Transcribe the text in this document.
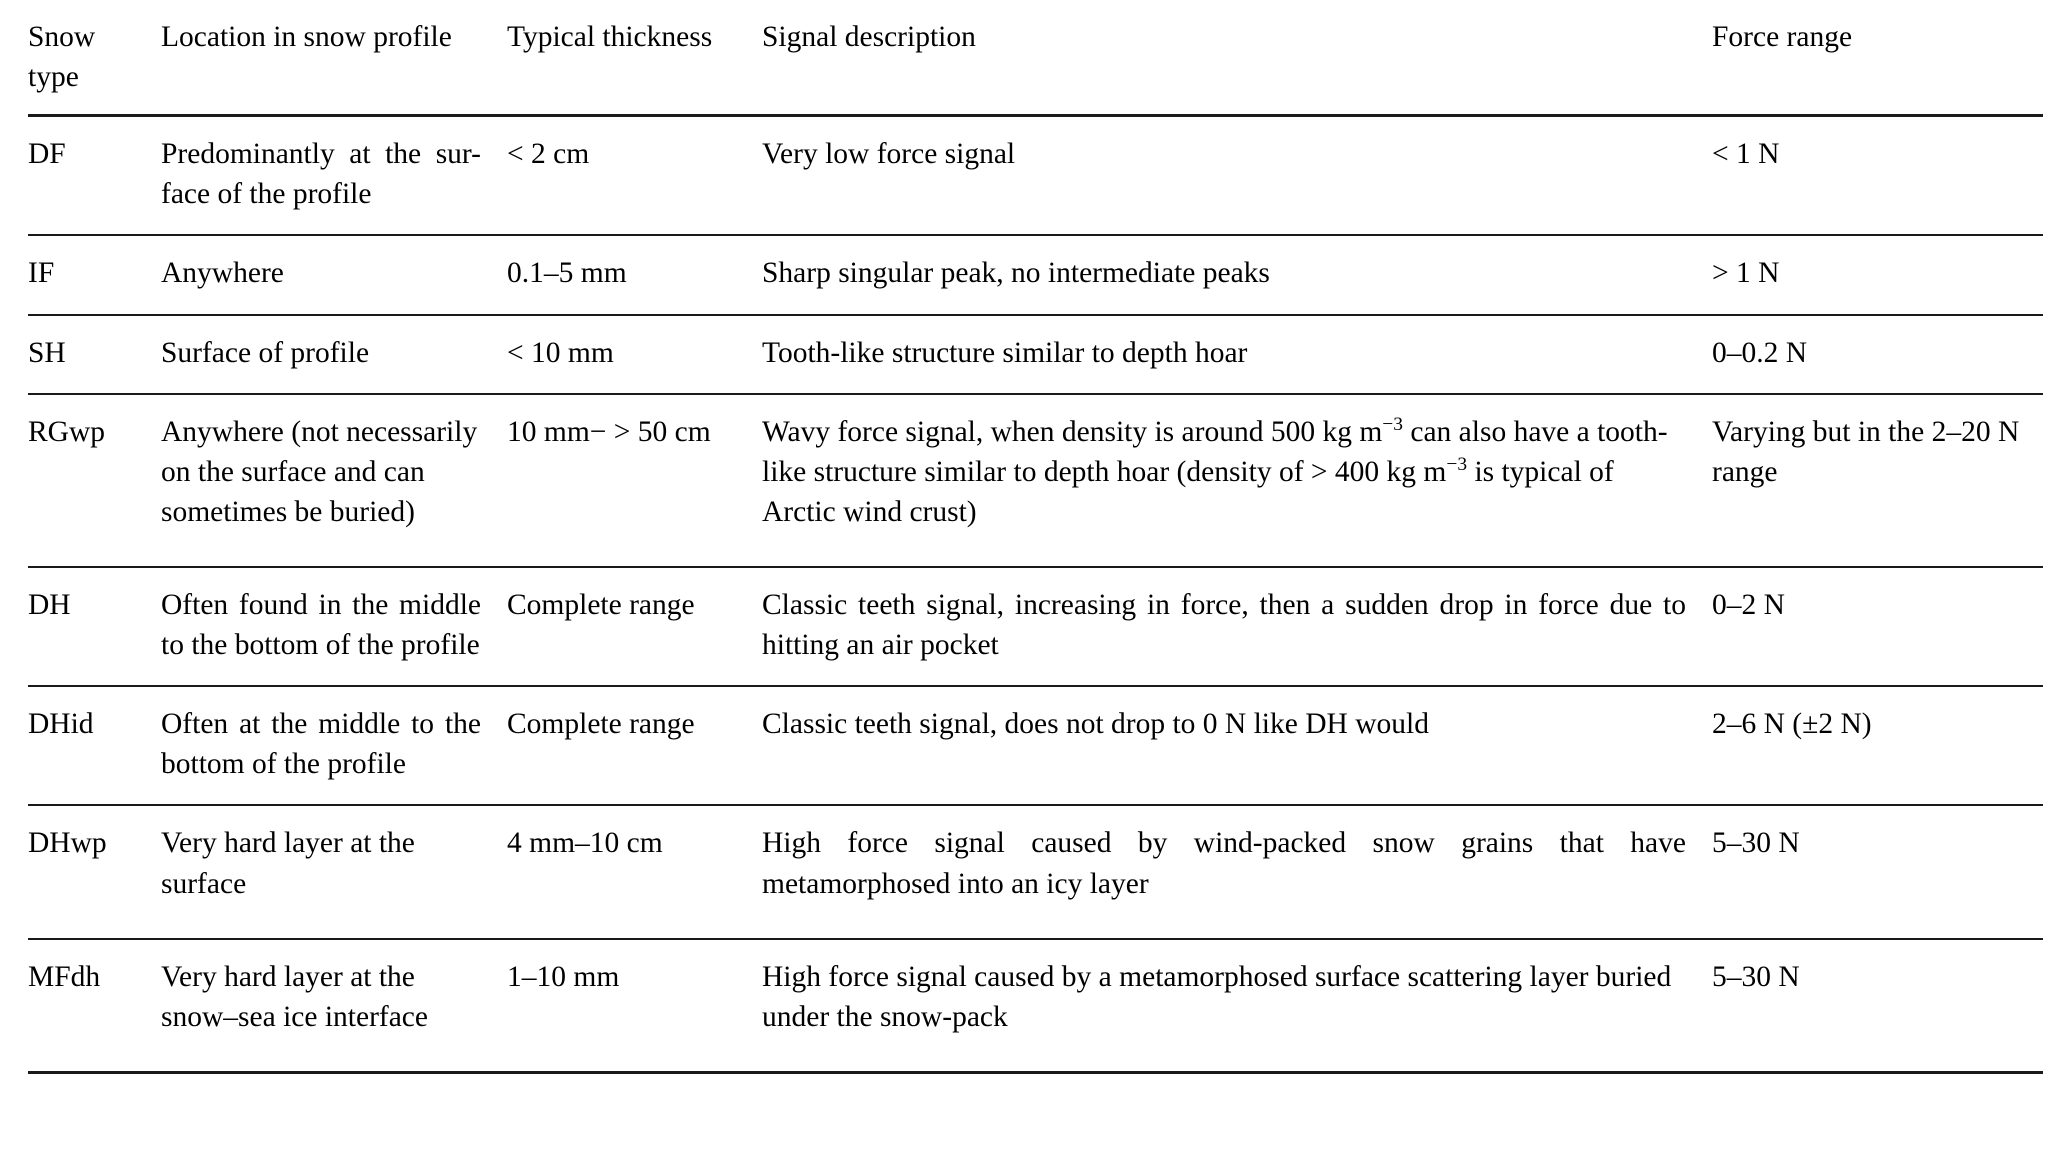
Snow
type	Location in snow profile	Typical thickness	Signal description	Force range
DF	Predominantly at the sur-face of the profile	< 2 cm	Very low force signal	< 1 N
IF	Anywhere	0.1–5 mm	Sharp singular peak, no intermediate peaks	> 1 N
SH	Surface of profile	< 10 mm	Tooth-like structure similar to depth hoar	0–0.2 N
RGwp	Anywhere (not necessarily on the surface and can sometimes be buried)	10 mm− > 50 cm	Wavy force signal, when density is around 500 kg $m^{-3}$ can also have a tooth-like structure similar to depth hoar (density of > 400 kg $m^{-3}$ is typical of Arctic wind crust)	Varying but in the 2–20 N range
DH	Often found in the middle to the bottom of the profile	Complete range	Classic teeth signal, increasing in force, then a sudden drop in force due to hitting an air pocket	0–2 N
DHid	Often at the middle to the bottom of the profile	Complete range	Classic teeth signal, does not drop to 0 N like DH would	2–6 N (±2 N)
DHwp	Very hard layer at the surface	4 mm–10 cm	High force signal caused by wind-packed snow grains that have metamorphosed into an icy layer	5–30 N
MFdh	Very hard layer at the snow–sea ice interface	1–10 mm	High force signal caused by a metamorphosed surface scattering layer buried under the snow-pack	5–30 N
